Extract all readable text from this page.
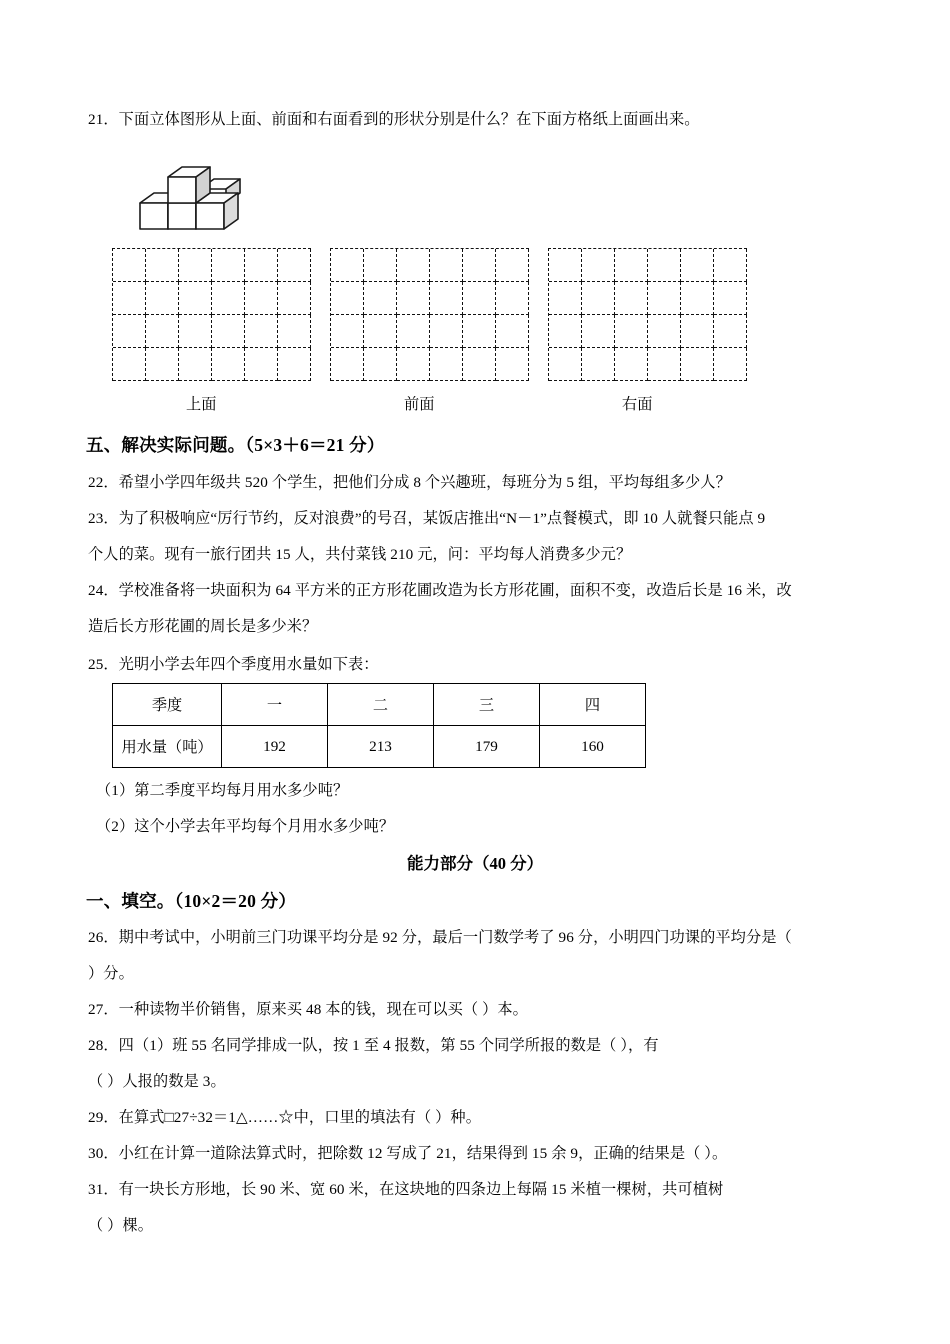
21．下面立体图形从上面、前面和右面看到的形状分别是什么？在下面方格纸上面画出来。
上面	前面	右面
五、解决实际问题。（5×3＋6＝21 分）
22．希望小学四年级共 520 个学生，把他们分成 8 个兴趣班，每班分为 5 组，平均每组多少人？
23．为了积极响应“厉行节约，反对浪费”的号召，某饭店推出“N－1”点餐模式，即 10 人就餐只能点 9
个人的菜。现有一旅行团共 15 人，共付菜钱 210 元，问：平均每人消费多少元？
24．学校准备将一块面积为 64 平方米的正方形花圃改造为长方形花圃，面积不变，改造后长是 16 米，改
造后长方形花圃的周长是多少米？
25．光明小学去年四个季度用水量如下表：
季度	一	二	三	四
用水量（吨）	192	213	179	160
（1）第二季度平均每月用水多少吨？
（2）这个小学去年平均每个月用水多少吨？
能力部分（40 分）
一、填空。（10×2＝20 分）
26．期中考试中，小明前三门功课平均分是 92 分，最后一门数学考了 96 分，小明四门功课的平均分是（
）分。
27．一种读物半价销售，原来买 48 本的钱，现在可以买（ ）本。
28．四（1）班 55 名同学排成一队，按 1 至 4 报数，第 55 个同学所报的数是（ ），有
（ ）人报的数是 3。
29．在算式□27÷32＝1△……☆中，口里的填法有（ ）种。
30．小红在计算一道除法算式时，把除数 12 写成了 21，结果得到 15 余 9，正确的结果是（ ）。
31．有一块长方形地，长 90 米、宽 60 米，在这块地的四条边上每隔 15 米植一棵树，共可植树
（ ）棵。
